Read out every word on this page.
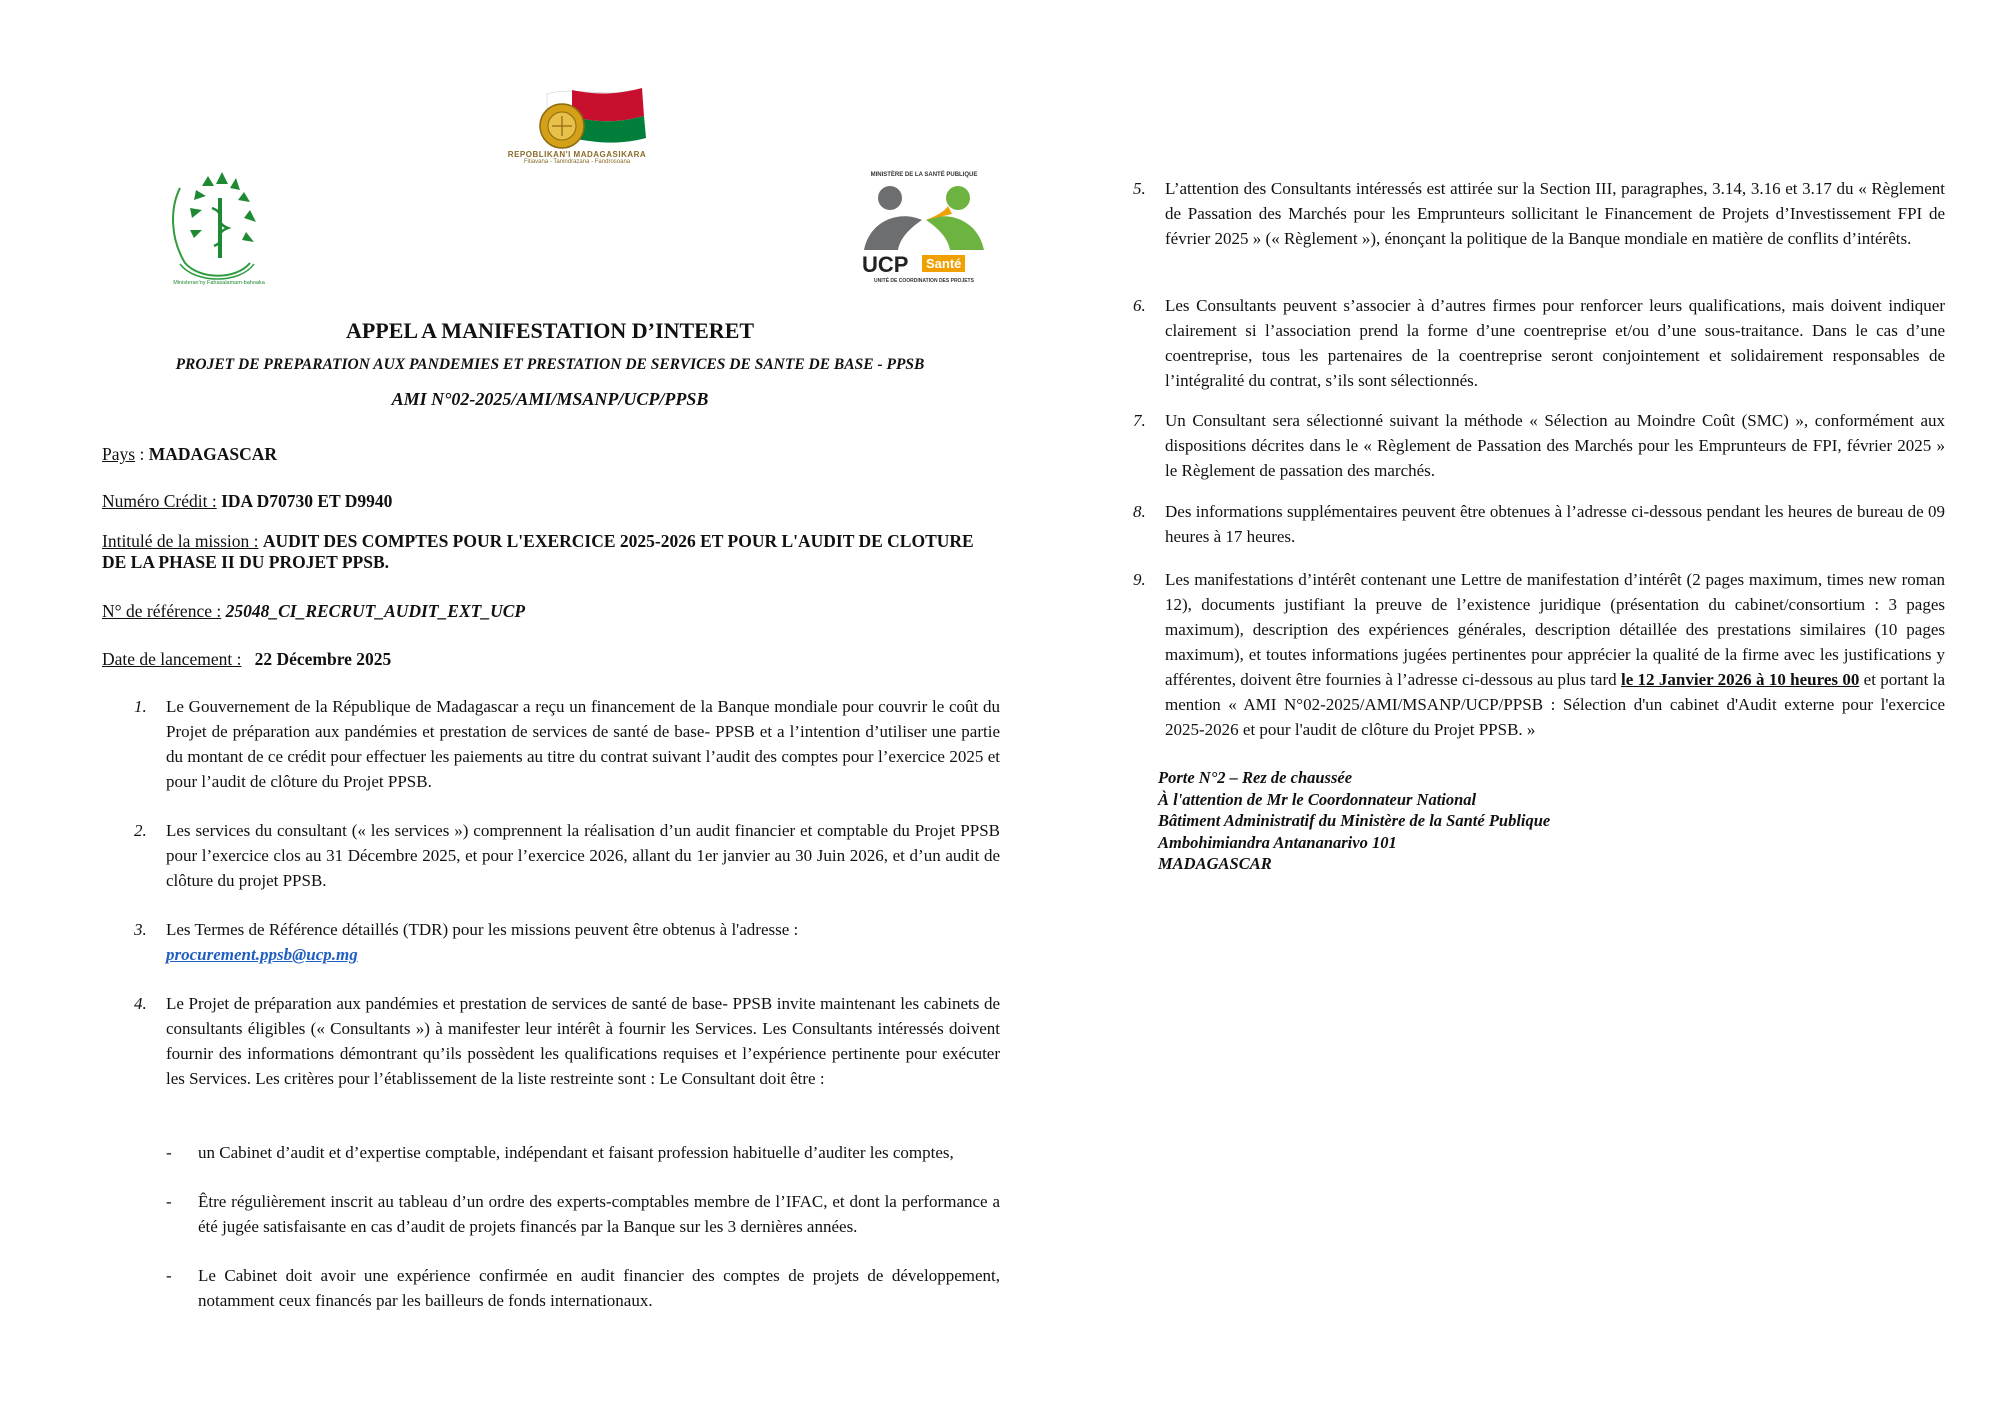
REPOBLIKAN'I MADAGASIKARA
Fitiavana - Tanindrazana - Fandrosoana
Ministeran'ny Fahasalamam-bahoaka
MINISTÈRE DE LA SANTÉ PUBLIQUE
UCP	Santé
UNITÉ DE COORDINATION DES PROJETS
APPEL A MANIFESTATION D’INTERET
PROJET DE PREPARATION AUX PANDEMIES ET PRESTATION DE SERVICES DE SANTE DE BASE - PPSB
AMI N°02-2025/AMI/MSANP/UCP/PPSB
Pays : MADAGASCAR
Numéro Crédit : IDA D70730 ET D9940
Intitulé de la mission : AUDIT DES COMPTES POUR L'EXERCICE 2025-2026 ET POUR L'AUDIT DE CLOTURE DE LA PHASE II DU PROJET PPSB.
N° de référence : 25048_CI_RECRUT_AUDIT_EXT_UCP
Date de lancement : 22 Décembre 2025
1. Le Gouvernement de la République de Madagascar a reçu un financement de la Banque mondiale pour couvrir le coût du Projet de préparation aux pandémies et prestation de services de santé de base- PPSB et a l’intention d’utiliser une partie du montant de ce crédit pour effectuer les paiements au titre du contrat suivant l’audit des comptes pour l’exercice 2025 et pour l’audit de clôture du Projet PPSB.
2. Les services du consultant (« les services ») comprennent la réalisation d’un audit financier et comptable du Projet PPSB pour l’exercice clos au 31 Décembre 2025, et pour l’exercice 2026, allant du 1er janvier au 30 Juin 2026, et d’un audit de clôture du projet PPSB.
3. Les Termes de Référence détaillés (TDR) pour les missions peuvent être obtenus à l'adresse :
procurement.ppsb@ucp.mg
4. Le Projet de préparation aux pandémies et prestation de services de santé de base- PPSB invite maintenant les cabinets de consultants éligibles (« Consultants ») à manifester leur intérêt à fournir les Services. Les Consultants intéressés doivent fournir des informations démontrant qu’ils possèdent les qualifications requises et l’expérience pertinente pour exécuter les Services. Les critères pour l’établissement de la liste restreinte sont : Le Consultant doit être :
- un Cabinet d’audit et d’expertise comptable, indépendant et faisant profession habituelle d’auditer les comptes,
- Être régulièrement inscrit au tableau d’un ordre des experts-comptables membre de l’IFAC, et dont la performance a été jugée satisfaisante en cas d’audit de projets financés par la Banque sur les 3 dernières années.
- Le Cabinet doit avoir une expérience confirmée en audit financier des comptes de projets de développement, notamment ceux financés par les bailleurs de fonds internationaux.
5. L’attention des Consultants intéressés est attirée sur la Section III, paragraphes, 3.14, 3.16 et 3.17 du « Règlement de Passation des Marchés pour les Emprunteurs sollicitant le Financement de Projets d’Investissement FPI de février 2025 » (« Règlement »), énonçant la politique de la Banque mondiale en matière de conflits d’intérêts.
6. Les Consultants peuvent s’associer à d’autres firmes pour renforcer leurs qualifications, mais doivent indiquer clairement si l’association prend la forme d’une coentreprise et/ou d’une sous-traitance. Dans le cas d’une coentreprise, tous les partenaires de la coentreprise seront conjointement et solidairement responsables de l’intégralité du contrat, s’ils sont sélectionnés.
7. Un Consultant sera sélectionné suivant la méthode « Sélection au Moindre Coût (SMC) », conformément aux dispositions décrites dans le « Règlement de Passation des Marchés pour les Emprunteurs de FPI, février 2025 » le Règlement de passation des marchés.
8. Des informations supplémentaires peuvent être obtenues à l’adresse ci-dessous pendant les heures de bureau de 09 heures à 17 heures.
9. Les manifestations d’intérêt contenant une Lettre de manifestation d’intérêt (2 pages maximum, times new roman 12), documents justifiant la preuve de l’existence juridique (présentation du cabinet/consortium : 3 pages maximum), description des expériences générales, description détaillée des prestations similaires (10 pages maximum), et toutes informations jugées pertinentes pour apprécier la qualité de la firme avec les justifications y afférentes, doivent être fournies à l’adresse ci-dessous au plus tard le 12 Janvier 2026 à 10 heures 00 et portant la mention « AMI N°02-2025/AMI/MSANP/UCP/PPSB : Sélection d'un cabinet d'Audit externe pour l'exercice 2025-2026 et pour l'audit de clôture du Projet PPSB. »
Porte N°2 – Rez de chaussée
À l'attention de Mr le Coordonnateur National
Bâtiment Administratif du Ministère de la Santé Publique
Ambohimiandra Antananarivo 101
MADAGASCAR
